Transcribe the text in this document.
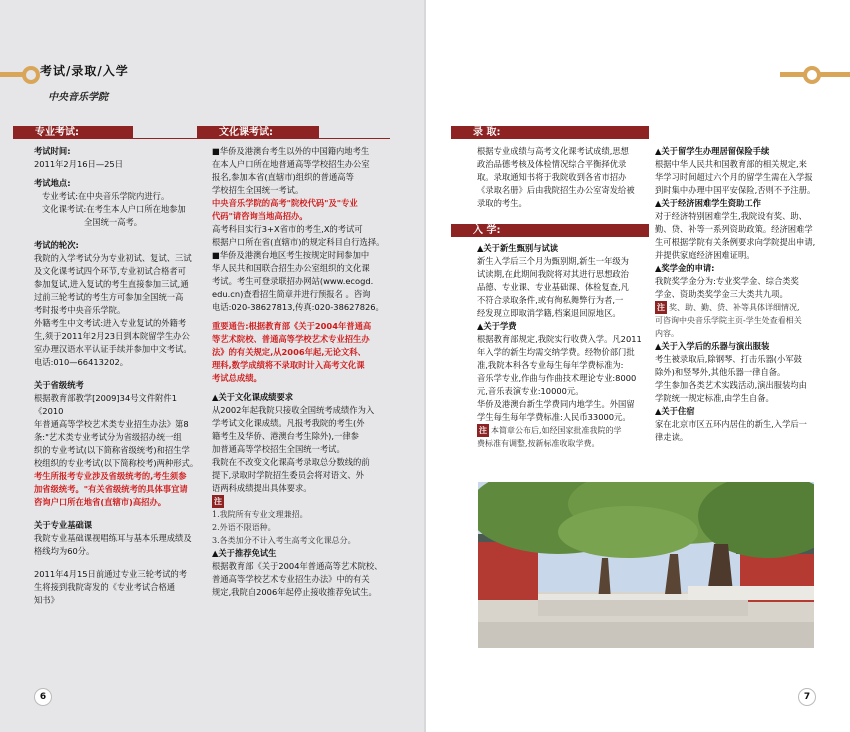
考试/录取/入学
中央音乐学院
专业考试:	文化课考试:	录 取:
入 学:

考试时间:

2011年2月16日—25日

考试地点:

专业考试:在中央音乐学院内进行。

文化课考试:在考生本人户口所在地参加

全国统一高考。

考试的轮次:

我院的入学考试分为专业初试、复试、三试

及文化课考试四个环节,专业初试合格者可

参加复试,进入复试的考生直接参加三试,通

过前三轮考试的考生方可参加全国统一高

考时报考中央音乐学院。

外籍考生中文考试:进入专业复试的外籍考

生,须于2011年2月23日到本院留学生办公

室办理汉语水平认证手续并参加中文考试。

电话:010—66413202。

关于省级统考

根据教育部教学[2009]34号文件附件1《2010

年普通高等学校艺术类专业招生办法》第8

条:"艺术类专业考试分为省级招办统一组

织的专业考试(以下简称省级统考)和招生学

校组织的专业考试(以下简称校考)两种形式。

考生所报考专业涉及省级统考的,考生须参

加省级统考。"有关省级统考的具体事宜请

咨询户口所在地省(直辖市)高招办。

关于专业基础课

我院专业基础课视唱练耳与基本乐理成绩及

格线均为60分。

2011年4月15日前通过专业三轮考试的考

生将接到我院寄发的《专业考试合格通

知书》

■华侨及港澳台考生以外的中国籍内地考生

在本人户口所在地普通高等学校招生办公室

报名,参加本省(直辖市)组织的普通高等

学校招生全国统一考试。

中央音乐学院的高考"院校代码"及"专业

代码"请咨询当地高招办。

高考科目实行3+X省市的考生,X的考试可

根据户口所在省(直辖市)的规定科目自行选择。

■华侨及港澳台地区考生按规定时间参加中

华人民共和国联合招生办公室组织的文化课

考试。考生可登录联招办网站(www.ecogd.

edu.cn)查看招生简章并进行预报名 。咨询

电话:020-38627813,传真:020-38627826。

重要通告:根据教育部《关于2004年普通高

等艺术院校、普通高等学校艺术专业招生办

法》的有关规定,从2006年起,无论文科、

理科,数学成绩将不录取时计入高考文化课

考试总成绩。

▲关于文化课成绩要求

从2002年起我院只接收全国统考成绩作为入

学考试文化课成绩。凡报考我院的考生(外

籍考生及华侨、港澳台考生除外),一律参

加普通高等学校招生全国统一考试。

我院在不改变文化课高考录取总分数线的前

提下,录取时学院招生委员会将对语文、外

语两科成绩提出具体要求。

注

1.我院所有专业文理兼招。

2.外语不限语种。

3.各类加分不计入考生高考文化课总分。

▲关于推荐免试生

根据教育部《关于2004年普通高等艺术院校、

普通高等学校艺术专业招生办法》中的有关

规定,我院自2006年起停止接收推荐免试生。

根据专业成绩与高考文化课考试成绩,思想

政治品德考核及体检情况综合平衡择优录

取。录取通知书将于我院收到各省市招办

《录取名册》后由我院招生办公室寄发给被

录取的考生。

▲关于新生甄别与试读

新生入学后三个月为甄别期,新生一年级为

试读期,在此期间我院将对其进行思想政治

品德、专业课、专业基础课、体检复查,凡

不符合录取条件,或有徇私舞弊行为者,一

经发现立即取消学籍,档案退回原地区。

▲关于学费

根据教育部规定,我院实行收费入学。凡2011

年入学的新生均需交纳学费。经物价部门批

准,我院本科各专业每生每年学费标准为:

音乐学专业,作曲与作曲技术理论专业:8000

元,音乐表演专业:10000元。

华侨及港澳台新生学费同内地学生。外国留

学生每生每年学费标准:人民币33000元。

注 本简章公布后,如经国家批准我院的学

费标准有调整,按新标准收取学费。

▲关于留学生办理居留保险手续

根据中华人民共和国教育部的相关规定,来

华学习时间超过六个月的留学生需在入学报

到时集中办理中国平安保险,否则不予注册。

▲关于经济困难学生资助工作

对于经济特别困难学生,我院设有奖、助、

勤、贷、补等一系列资助政策。经济困难学

生可根据学院有关条例要求向学院提出申请,

并提供家庭经济困难证明。

▲奖学金的申请:

我院奖学金分为:专业奖学金、综合类奖

学金、资助类奖学金三大类共九项。

注 奖、助、勤、贷、补等具体详细情况,

可咨询中央音乐学院主页-学生处查看相关

内容。

▲关于入学后的乐器与演出服装

考生被录取后,除钢琴、打击乐器(小军鼓

除外)和竖琴外,其他乐器一律自备。

学生参加各类艺术实践活动,演出服装均由

学院统一规定标准,由学生自备。

▲关于住宿

家在北京市区五环内居住的新生,入学后一

律走读。

6	7
